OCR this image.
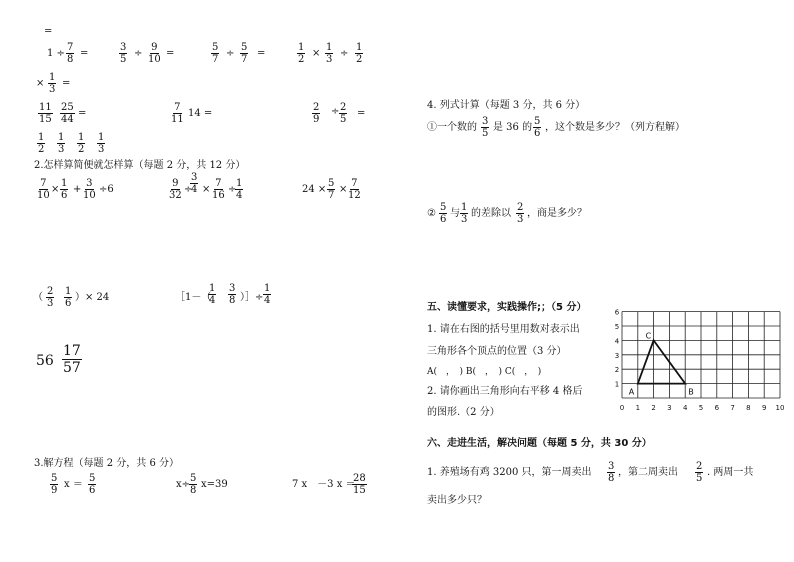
=
1 ÷
7
8
=
3
5
÷
9
10
=
5
7
÷
5
7
=
1
2
×
1
3
÷
1
2
×
1
3
=
11
15
25
44
=
7
11
14 =
2
9
÷ 2
5
=
1
2
1
3
1
2
1
3
2.怎样算简便就怎样算（每题 2 分，共 12 分）
7
10
×
1
6
+
3
10
÷6
9
32
÷
3
4 ×
7
16
÷
1
4
24 ×
5
7
×
7
12
（
2
3
1
6
）× 24	［1－（
1
4
3
8 ）］÷
1
4
56
17
57
3.解方程（每题 2 分，共 6 分）
5
9
x ＝
5
6
x÷
5
8
x=39	7 x　－3 x ＝
28
15
4. 列式计算（每题 3 分，共 6 分）
①一个数的
3
5
是 36 的
5
6
，这个数是多少？（列方程解）
②
5
6
与
1
3
的差除以
2
3
，商是多少？
五、读懂要求，实践操作;；（5 分）
1. 请在右图的括号里用数对表示出
三角形各个顶点的位置（3 分）
A(　，　) B(　，　) C(　，　)
2. 请你画出三角形向右平移 4 格后
的图形.（2 分）	0 1 2 3 4 5 6 7 8 9 10
1
2
3
4
5
6
A	B
C
六、走进生活，解决问题（每题 5 分，共 30 分）
1. 养殖场有鸡 3200 只，第一周卖出
3
8
，第二周卖出
2
5
. 两周一共
卖出多少只？
